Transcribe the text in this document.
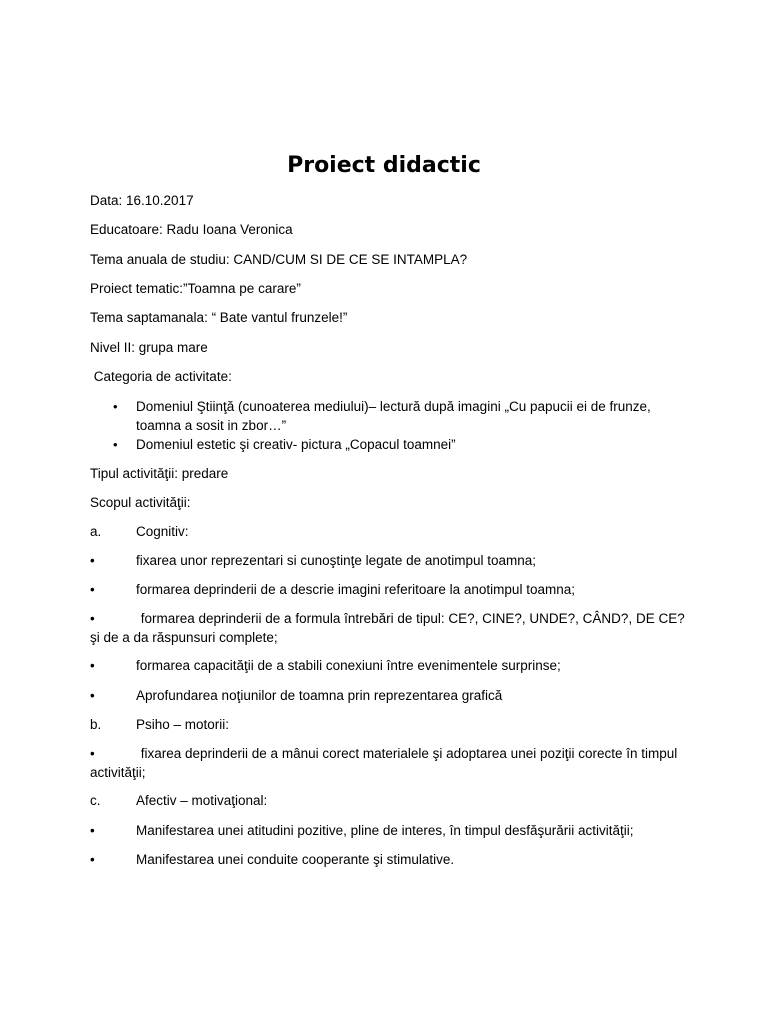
Proiect didactic
Data: 16.10.2017
Educatoare: Radu Ioana Veronica
Tema anuala de studiu: CAND/CUM SI DE CE SE INTAMPLA?
Proiect tematic:”Toamna pe carare”
Tema saptamanala: “ Bate vantul frunzele!”
Nivel II: grupa mare
Categoria de activitate:
• Domeniul Ştiinţă (cunoaterea mediului)– lectură după imagini „Cu papucii ei de frunze, toamna a sosit in zbor…”
• Domeniul estetic şi creativ- pictura „Copacul toamnei”
Tipul activităţii: predare
Scopul activităţii:
a.	Cognitiv:
•	fixarea unor reprezentari si cunoştinţe legate de anotimpul toamna;
•	formarea deprinderii de a descrie imagini referitoare la anotimpul toamna;
•	formarea deprinderii de a formula întrebări de tipul: CE?, CINE?, UNDE?, CÂND?, DE CE? şi de a da răspunsuri complete;
•	formarea capacităţii de a stabili conexiuni între evenimentele surprinse;
•	Aprofundarea noţiunilor de toamna prin reprezentarea grafică
b.	Psiho – motorii:
•	fixarea deprinderii de a mânui corect materialele şi adoptarea unei poziţii corecte în timpul activităţii;
c.	Afectiv – motivaţional:
•	Manifestarea unei atitudini pozitive, pline de interes, în timpul desfăşurării activităţii;
•	Manifestarea unei conduite cooperante şi stimulative.
